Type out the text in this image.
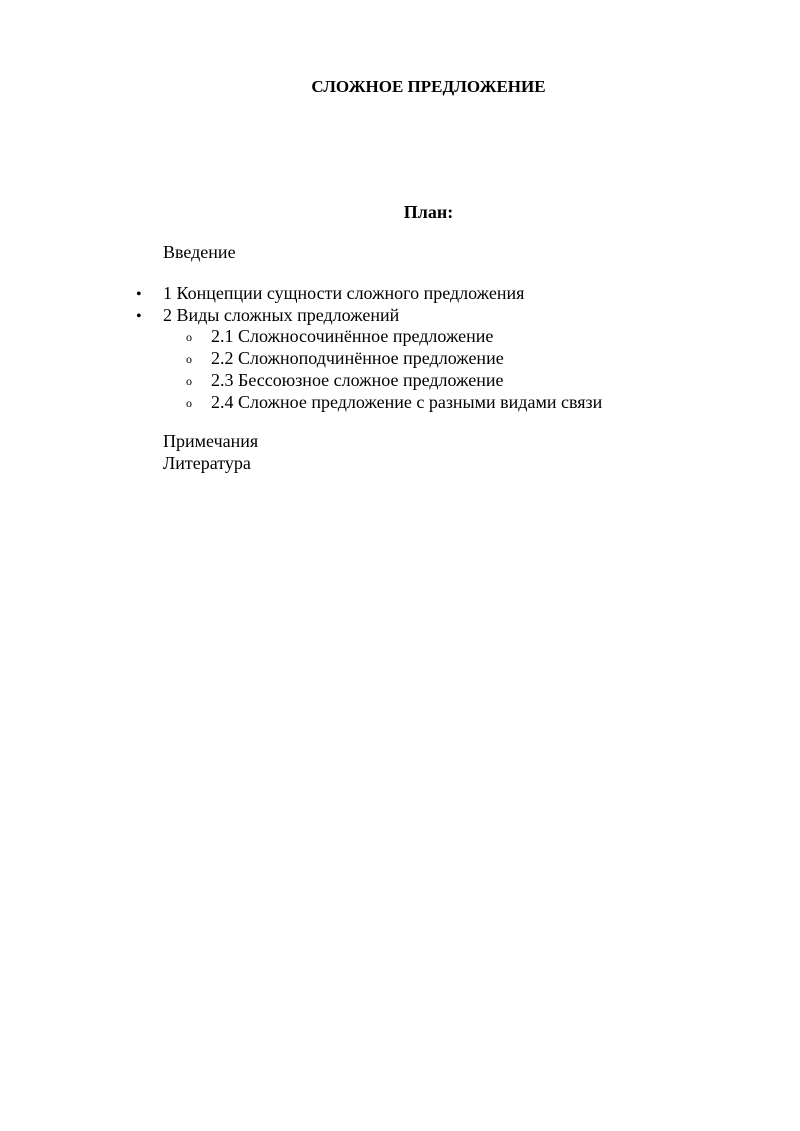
СЛОЖНОЕ ПРЕДЛОЖЕНИЕ
План:
Введение
• 1 Концепции сущности сложного предложения
• 2 Виды сложных предложений
o 2.1 Сложносочинённое предложение
o 2.2 Сложноподчинённое предложение
o 2.3 Бессоюзное сложное предложение
o 2.4 Сложное предложение с разными видами связи
Примечания
Литература
